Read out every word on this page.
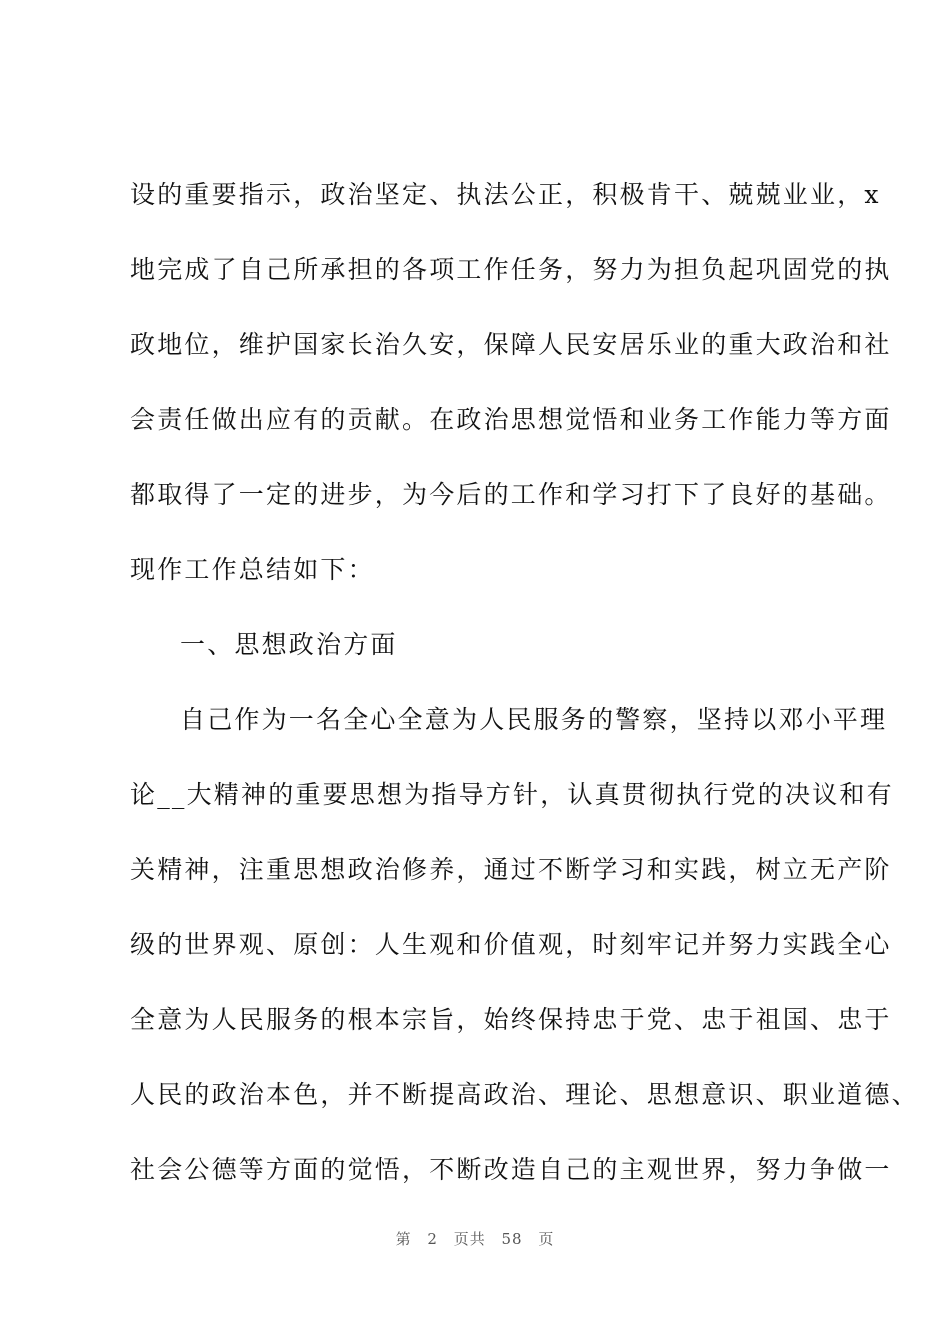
设的重要指示，政治坚定、执法公正，积极肯干、兢兢业业，x
地完成了自己所承担的各项工作任务，努力为担负起巩固党的执
政地位，维护国家长治久安，保障人民安居乐业的重大政治和社
会责任做出应有的贡献。在政治思想觉悟和业务工作能力等方面
都取得了一定的进步，为今后的工作和学习打下了良好的基础。
现作工作总结如下：
一、思想政治方面
自己作为一名全心全意为人民服务的警察，坚持以邓小平理
论__大精神的重要思想为指导方针，认真贯彻执行党的决议和有
关精神，注重思想政治修养，通过不断学习和实践，树立无产阶
级的世界观、原创：人生观和价值观，时刻牢记并努力实践全心
全意为人民服务的根本宗旨，始终保持忠于党、忠于祖国、忠于
人民的政治本色，并不断提高政治、理论、思想意识、职业道德、
社会公德等方面的觉悟，不断改造自己的主观世界，努力争做一
第 2 页共 58 页
